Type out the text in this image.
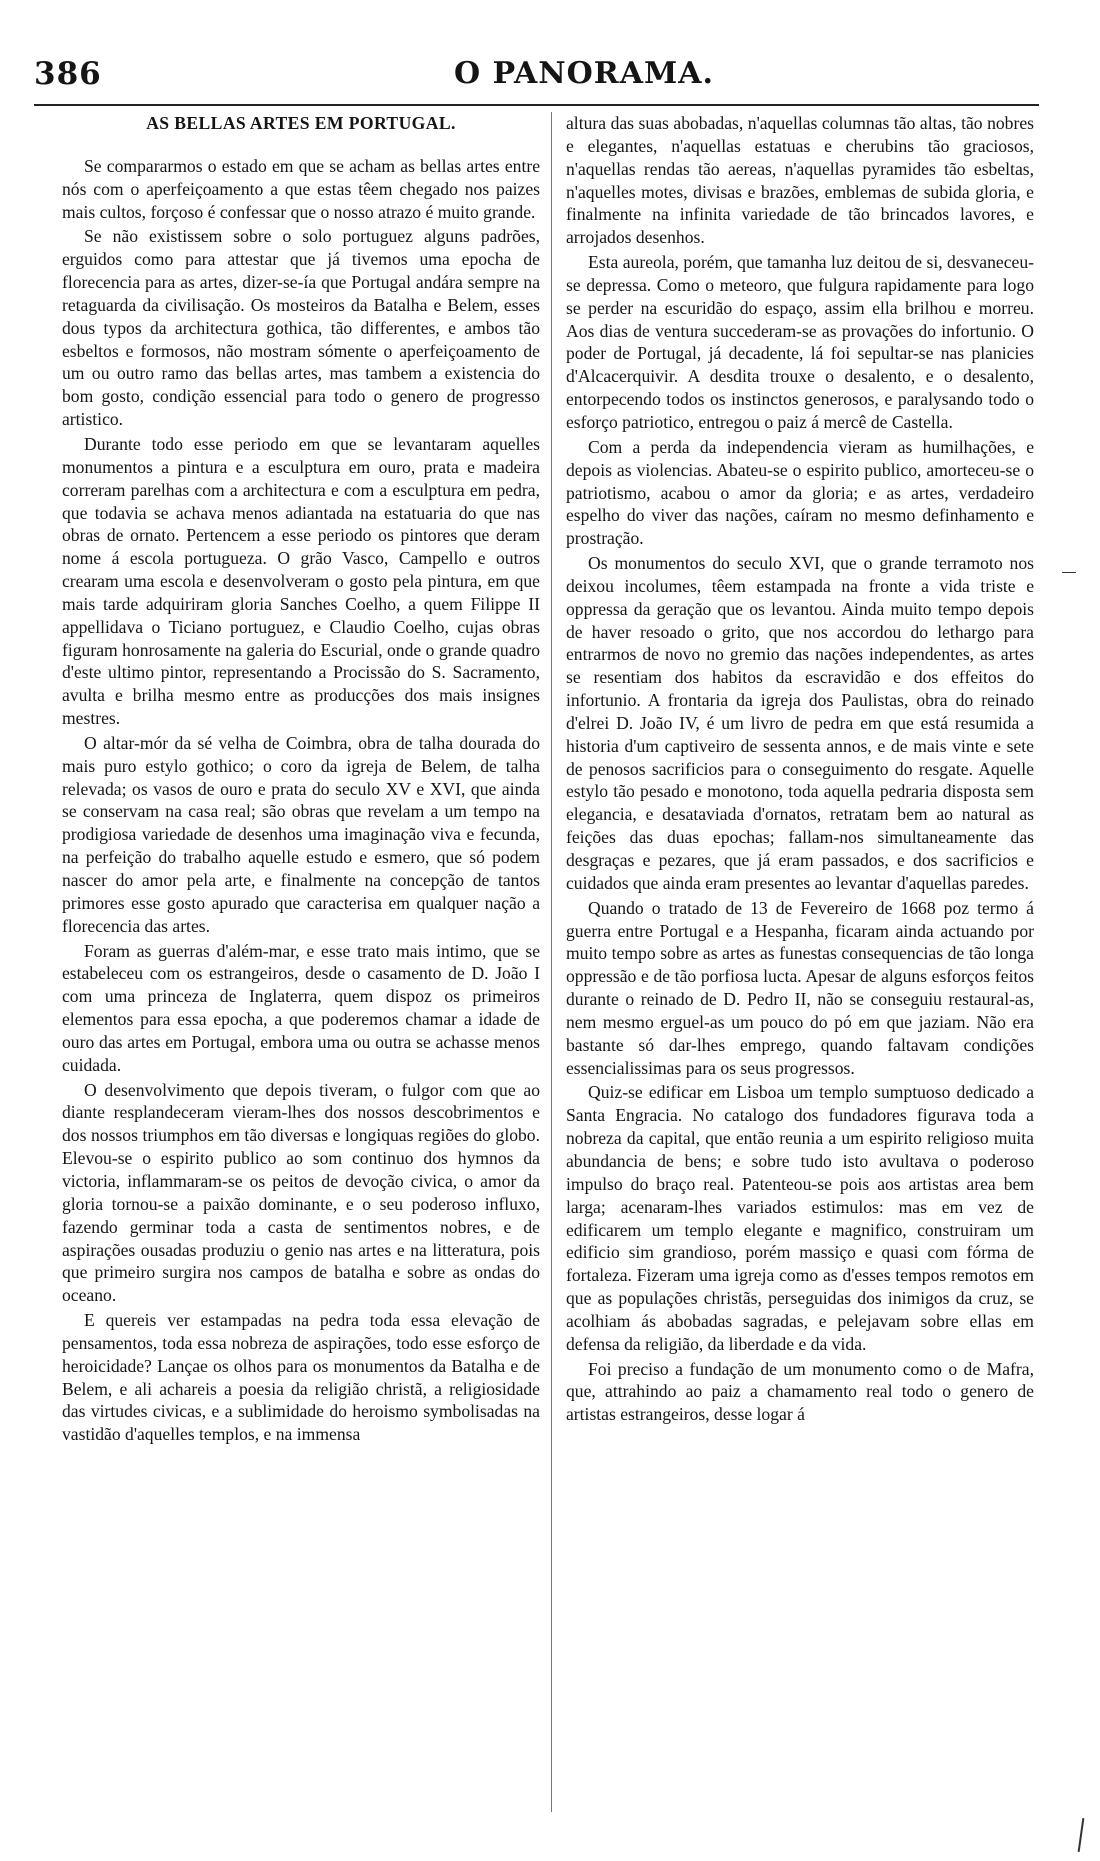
386	O PANORAMA.
AS BELLAS ARTES EM PORTUGAL.

Se compararmos o estado em que se acham as bellas artes entre nós com o aperfeiçoamento a que estas têem chegado nos paizes mais cultos, forçoso é confessar que o nosso atrazo é muito grande.

Se não existissem sobre o solo portuguez alguns padrões, erguidos como para attestar que já tivemos uma epocha de florecencia para as artes, dizer-se-ía que Portugal andára sempre na retaguarda da civilisação. Os mosteiros da Batalha e Belem, esses dous typos da architectura gothica, tão differentes, e ambos tão esbeltos e formosos, não mostram sómente o aperfeiçoamento de um ou outro ramo das bellas artes, mas tambem a existencia do bom gosto, condição essencial para todo o genero de progresso artistico.

Durante todo esse periodo em que se levantaram aquelles monumentos a pintura e a esculptura em ouro, prata e madeira correram parelhas com a architectura e com a esculptura em pedra, que todavia se achava menos adiantada na estatuaria do que nas obras de ornato. Pertencem a esse periodo os pintores que deram nome á escola portugueza. O grão Vasco, Campello e outros crearam uma escola e desenvolveram o gosto pela pintura, em que mais tarde adquiriram gloria Sanches Coelho, a quem Filippe II appellidava o Ticiano portuguez, e Claudio Coelho, cujas obras figuram honrosamente na galeria do Escurial, onde o grande quadro d'este ultimo pintor, representando a Procissão do S. Sacramento, avulta e brilha mesmo entre as producções dos mais insignes mestres.

O altar-mór da sé velha de Coimbra, obra de talha dourada do mais puro estylo gothico; o coro da igreja de Belem, de talha relevada; os vasos de ouro e prata do seculo XV e XVI, que ainda se conservam na casa real; são obras que revelam a um tempo na prodigiosa variedade de desenhos uma imaginação viva e fecunda, na perfeição do trabalho aquelle estudo e esmero, que só podem nascer do amor pela arte, e finalmente na concepção de tantos primores esse gosto apurado que caracterisa em qualquer nação a florecencia das artes.

Foram as guerras d'além-mar, e esse trato mais intimo, que se estabeleceu com os estrangeiros, desde o casamento de D. João I com uma princeza de Inglaterra, quem dispoz os primeiros elementos para essa epocha, a que poderemos chamar a idade de ouro das artes em Portugal, embora uma ou outra se achasse menos cuidada.

O desenvolvimento que depois tiveram, o fulgor com que ao diante resplandeceram vieram-lhes dos nossos descobrimentos e dos nossos triumphos em tão diversas e longiquas regiões do globo. Elevou-se o espirito publico ao som continuo dos hymnos da victoria, inflammaram-se os peitos de devoção civica, o amor da gloria tornou-se a paixão dominante, e o seu poderoso influxo, fazendo germinar toda a casta de sentimentos nobres, e de aspirações ousadas produziu o genio nas artes e na litteratura, pois que primeiro surgira nos campos de batalha e sobre as ondas do oceano.

E quereis ver estampadas na pedra toda essa elevação de pensamentos, toda essa nobreza de aspirações, todo esse esforço de heroicidade? Lançae os olhos para os monumentos da Batalha e de Belem, e ali achareis a poesia da religião christã, a religiosidade das virtudes civicas, e a sublimidade do heroismo symbolisadas na vastidão d'aquelles templos, e na immensa

altura das suas abobadas, n'aquellas columnas tão altas, tão nobres e elegantes, n'aquellas estatuas e cherubins tão graciosos, n'aquellas rendas tão aereas, n'aquellas pyramides tão esbeltas, n'aquelles motes, divisas e brazões, emblemas de subida gloria, e finalmente na infinita variedade de tão brincados lavores, e arrojados desenhos.

Esta aureola, porém, que tamanha luz deitou de si, desvaneceu-se depressa. Como o meteoro, que fulgura rapidamente para logo se perder na escuridão do espaço, assim ella brilhou e morreu. Aos dias de ventura succederam-se as provações do infortunio. O poder de Portugal, já decadente, lá foi sepultar-se nas planicies d'Alcacerquivir. A desdita trouxe o desalento, e o desalento, entorpecendo todos os instinctos generosos, e paralysando todo o esforço patriotico, entregou o paiz á mercê de Castella.

Com a perda da independencia vieram as humilhações, e depois as violencias. Abateu-se o espirito publico, amorteceu-se o patriotismo, acabou o amor da gloria; e as artes, verdadeiro espelho do viver das nações, caíram no mesmo definhamento e prostração.

Os monumentos do seculo XVI, que o grande terramoto nos deixou incolumes, têem estampada na fronte a vida triste e oppressa da geração que os levantou. Ainda muito tempo depois de haver resoado o grito, que nos accordou do lethargo para entrarmos de novo no gremio das nações independentes, as artes se resentiam dos habitos da escravidão e dos effeitos do infortunio. A frontaria da igreja dos Paulistas, obra do reinado d'elrei D. João IV, é um livro de pedra em que está resumida a historia d'um captiveiro de sessenta annos, e de mais vinte e sete de penosos sacrificios para o conseguimento do resgate. Aquelle estylo tão pesado e monotono, toda aquella pedraria disposta sem elegancia, e desataviada d'ornatos, retratam bem ao natural as feições das duas epochas; fallam-nos simultaneamente das desgraças e pezares, que já eram passados, e dos sacrificios e cuidados que ainda eram presentes ao levantar d'aquellas paredes.

Quando o tratado de 13 de Fevereiro de 1668 poz termo á guerra entre Portugal e a Hespanha, ficaram ainda actuando por muito tempo sobre as artes as funestas consequencias de tão longa oppressão e de tão porfiosa lucta. Apesar de alguns esforços feitos durante o reinado de D. Pedro II, não se conseguiu restaural-as, nem mesmo erguel-as um pouco do pó em que jaziam. Não era bastante só dar-lhes emprego, quando faltavam condições essencialissimas para os seus progressos.

Quiz-se edificar em Lisboa um templo sumptuoso dedicado a Santa Engracia. No catalogo dos fundadores figurava toda a nobreza da capital, que então reunia a um espirito religioso muita abundancia de bens; e sobre tudo isto avultava o poderoso impulso do braço real. Patenteou-se pois aos artistas area bem larga; acenaram-lhes variados estimulos: mas em vez de edificarem um templo elegante e magnifico, construiram um edificio sim grandioso, porém massiço e quasi com fórma de fortaleza. Fizeram uma igreja como as d'esses tempos remotos em que as populações christãs, perseguidas dos inimigos da cruz, se acolhiam ás abobadas sagradas, e pelejavam sobre ellas em defensa da religião, da liberdade e da vida.

Foi preciso a fundação de um monumento como o de Mafra, que, attrahindo ao paiz a chamamento real todo o genero de artistas estrangeiros, desse logar á
